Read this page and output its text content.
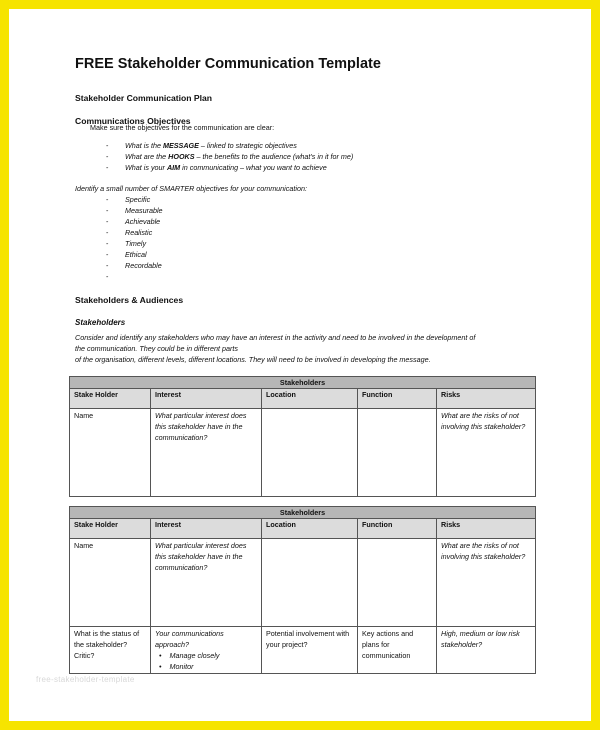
FREE Stakeholder Communication Template
Stakeholder Communication Plan
Communications Objectives
Make sure the objectives for the communication are clear:
- What is the MESSAGE – linked to strategic objectives
- What are the HOOKS – the benefits to the audience (what's in it for me)
- What is your AIM in communicating – what you want to achieve
Identify a small number of SMARTER objectives for your communication:
- Specific
- Measurable
- Achievable
- Realistic
- Timely
- Ethical
- Recordable
-

Stakeholders & Audiences
Stakeholders
Consider and identify any stakeholders who may have an interest in the activity and need to be involved in the development of
the communication. They could be in different parts
of the organisation, different levels, different locations. They will need to be involved in developing the message.
Stakeholders				
Stake Holder	Interest	Location	Function	Risks
Name	What particular interest does this stakeholder have in the communication?			What are the risks of not involving this stakeholder?
Stakeholders				
Stake Holder	Interest	Location	Function	Risks
Name	What particular interest does this stakeholder have in the communication?			What are the risks of not involving this stakeholder?
What is the status of the stakeholder? Critic?	Your communications approach?
•    Manage closely
•    Monitor	Potential involvement with your project?	Key actions and plans for communication	High, medium or low risk stakeholder?
free-stakeholder-template
